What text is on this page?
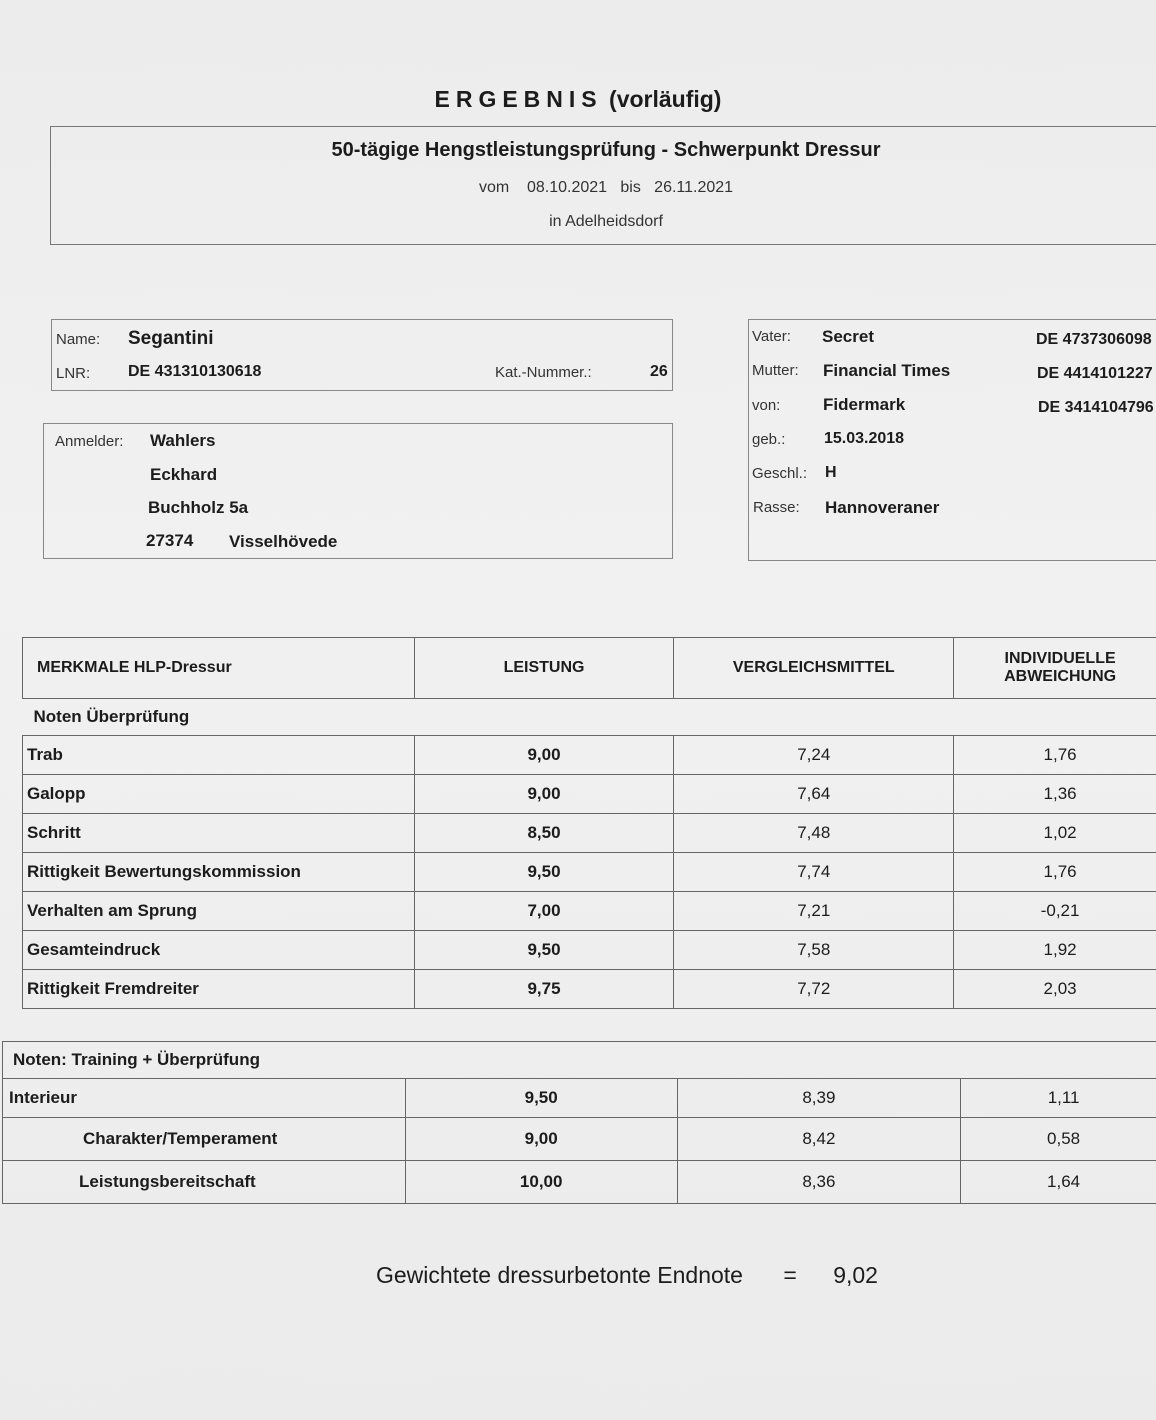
ERGEBNIS (vorläufig)
50-tägige Hengstleistungsprüfung - Schwerpunkt Dressur
vom 08.10.2021 bis 26.11.2021
in Adelheidsdorf
Name: Segantini
LNR: DE 431310130618	Kat.-Nummer.:	26
Anmelder: Wahlers
Eckhard
Buchholz 5a
27374 Visselhövede
Vater: Secret	DE 4737306098
Mutter: Financial Times	DE 4414101227
von:	Fidermark	DE 3414104796
geb.: 15.03.2018
Geschl.: H
Rasse: Hannoveraner
MERKMALE HLP-Dressur	LEISTUNG	VERGLEICHSMITTEL	INDIVIDUELLE ABWEICHUNG
Noten Überprüfung			
Trab	9,00	7,24	1,76
Galopp	9,00	7,64	1,36
Schritt	8,50	7,48	1,02
Rittigkeit Bewertungskommission	9,50	7,74	1,76
Verhalten am Sprung	7,00	7,21	-0,21
Gesamteindruck	9,50	7,58	1,92
Rittigkeit Fremdreiter	9,75	7,72	2,03
Noten: Training + Überprüfung			
Interieur	9,50	8,39	1,11
Charakter/Temperament	9,00	8,42	0,58
Leistungsbereitschaft	10,00	8,36	1,64
Gewichtete dressurbetonte Endnote = 9,02
